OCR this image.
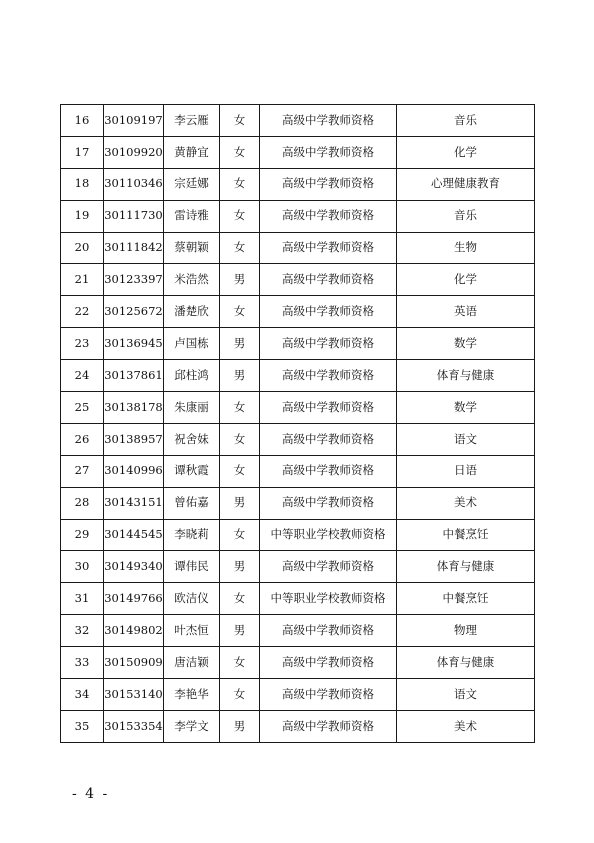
16	30109197	李云雁	女	高级中学教师资格	音乐
17	30109920	黄静宜	女	高级中学教师资格	化学
18	30110346	宗廷娜	女	高级中学教师资格	心理健康教育
19	30111730	雷诗雅	女	高级中学教师资格	音乐
20	30111842	蔡朝颖	女	高级中学教师资格	生物
21	30123397	米浩然	男	高级中学教师资格	化学
22	30125672	潘楚欣	女	高级中学教师资格	英语
23	30136945	卢国栋	男	高级中学教师资格	数学
24	30137861	邱柱鸿	男	高级中学教师资格	体育与健康
25	30138178	朱康丽	女	高级中学教师资格	数学
26	30138957	祝舍妹	女	高级中学教师资格	语文
27	30140996	谭秋霞	女	高级中学教师资格	日语
28	30143151	曾佑嘉	男	高级中学教师资格	美术
29	30144545	李晓莉	女	中等职业学校教师资格	中餐烹饪
30	30149340	谭伟民	男	高级中学教师资格	体育与健康
31	30149766	欧洁仪	女	中等职业学校教师资格	中餐烹饪
32	30149802	叶杰恒	男	高级中学教师资格	物理
33	30150909	唐洁颖	女	高级中学教师资格	体育与健康
34	30153140	李艳华	女	高级中学教师资格	语文
35	30153354	李学文	男	高级中学教师资格	美术
- 4 -
